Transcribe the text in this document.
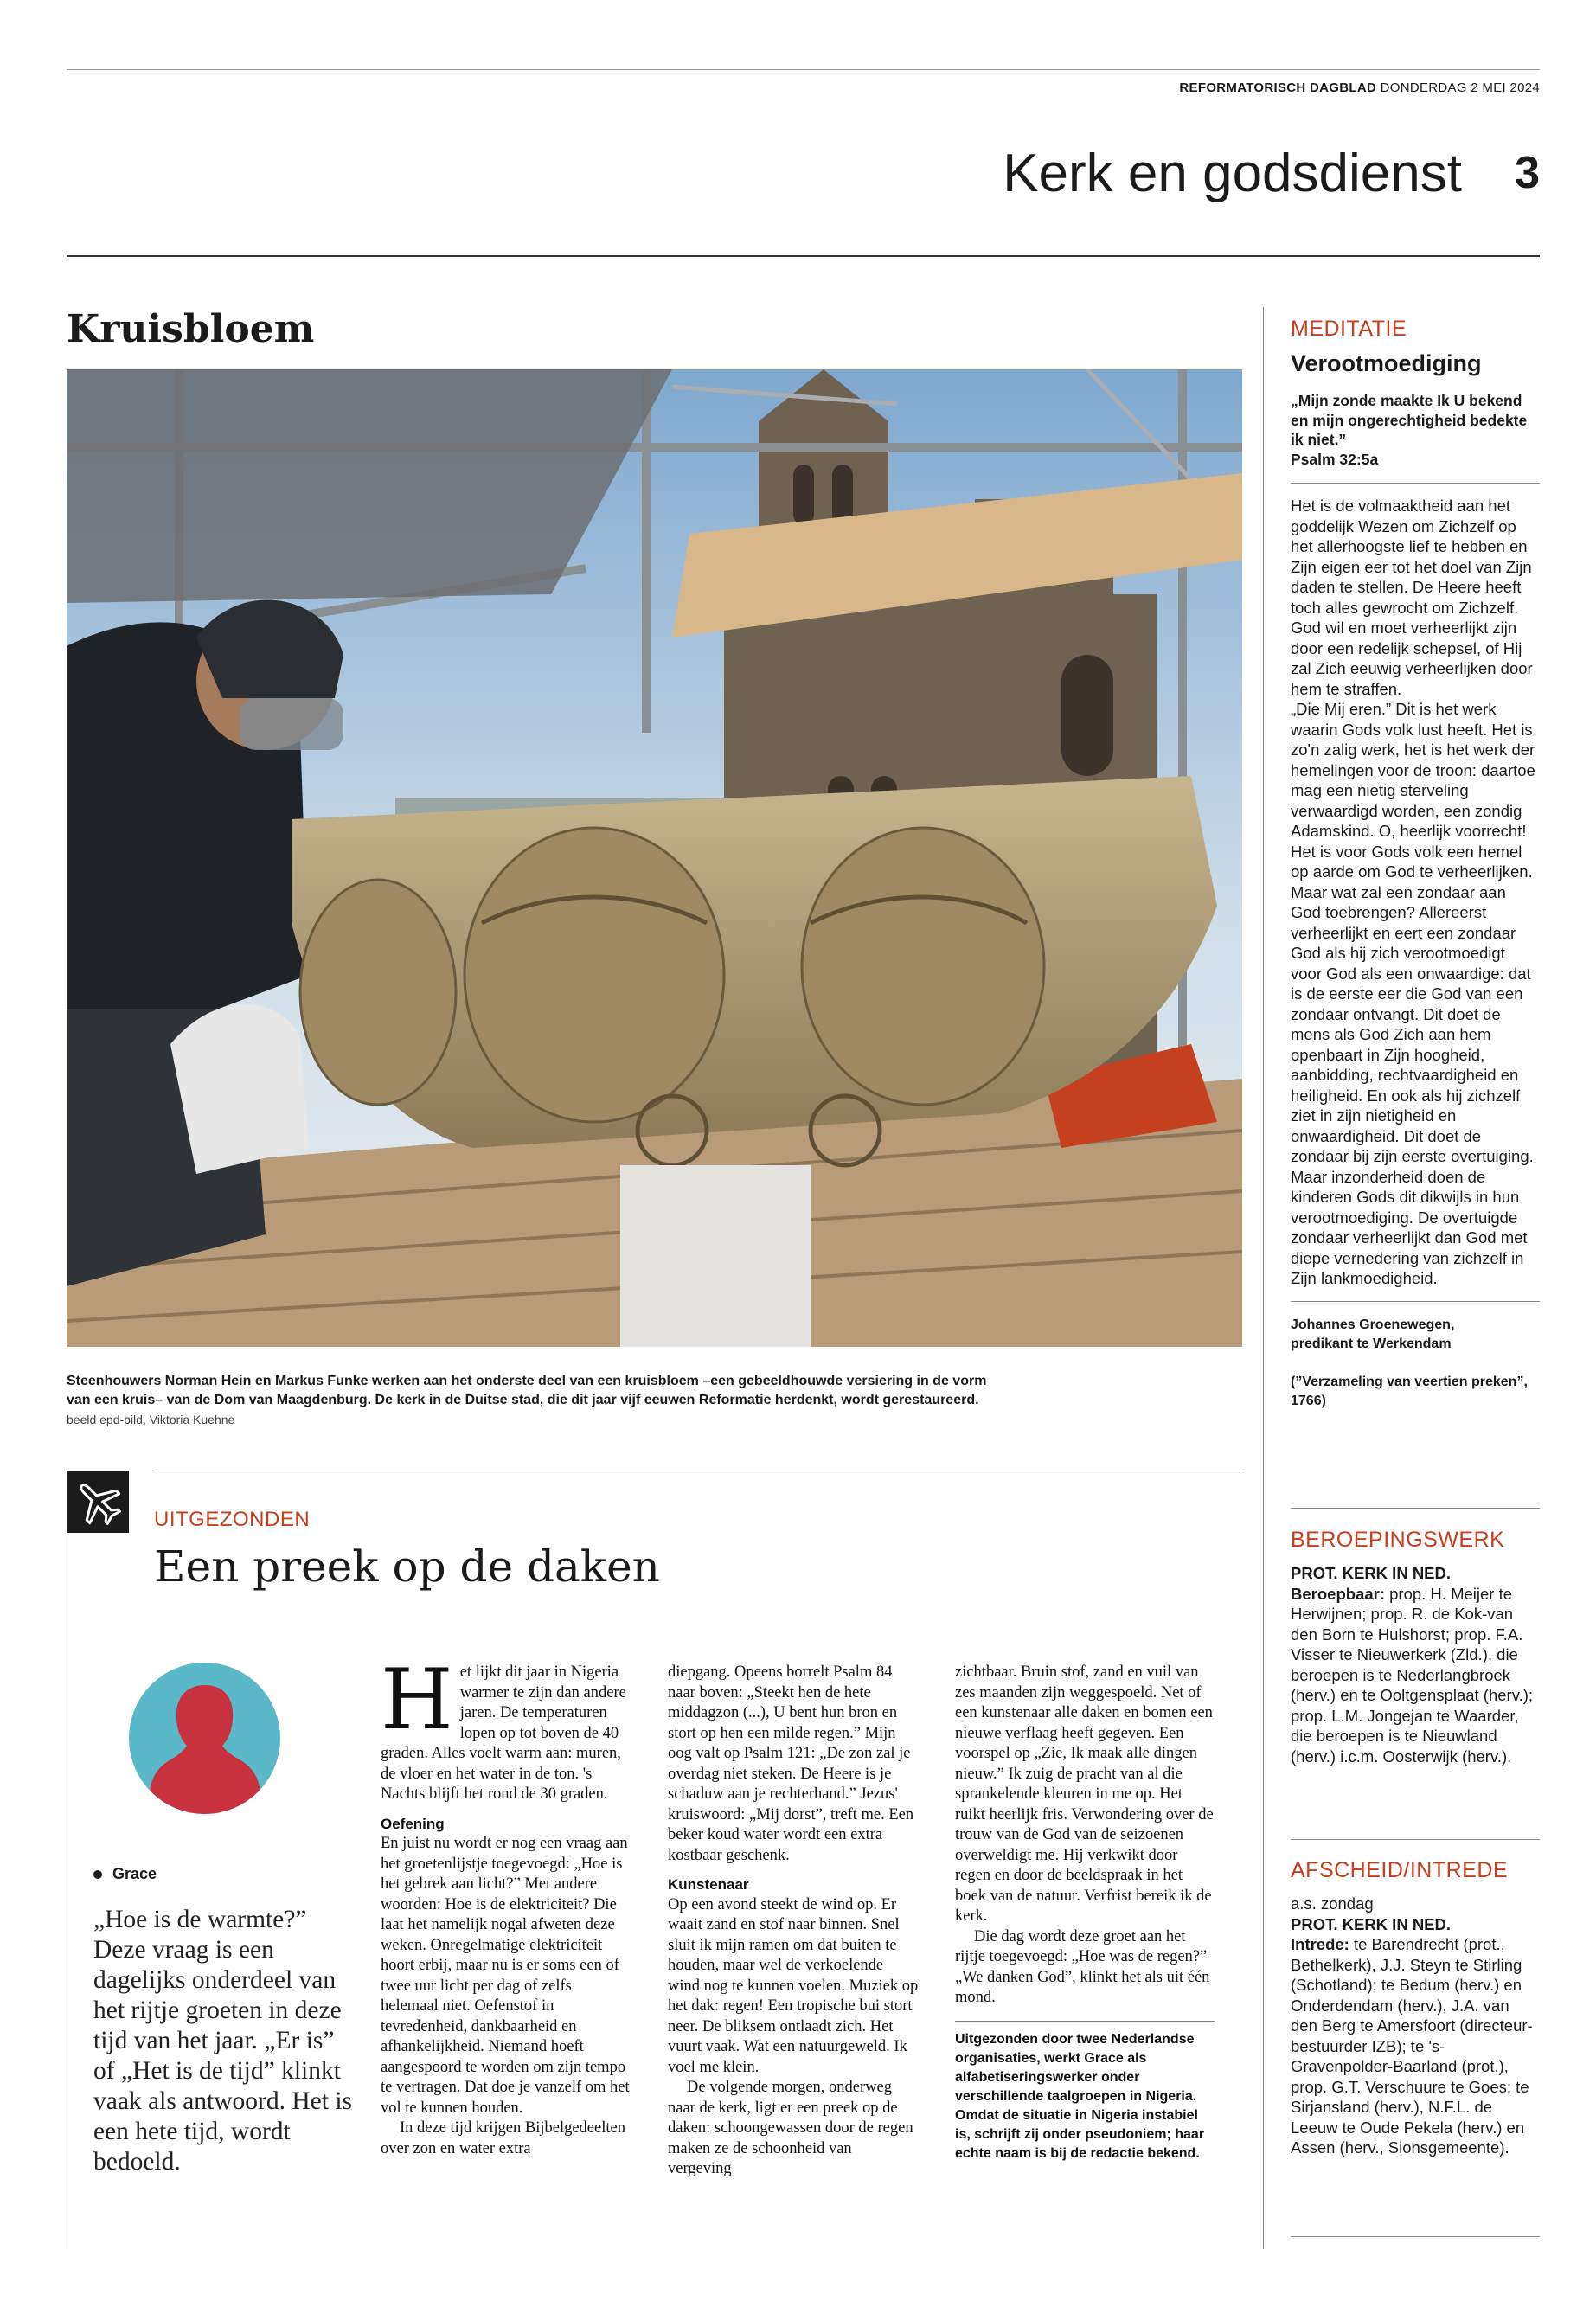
REFORMATORISCH DAGBLAD DONDERDAG 2 MEI 2024
Kerk en godsdienst 3
Kruisbloem
Steenhouwers Norman Hein en Markus Funke werken aan het onderste deel van een kruisbloem –een gebeeldhouwde versiering in de vorm van een kruis– van de Dom van Maagdenburg. De kerk in de Duitse stad, die dit jaar vijf eeuwen Reformatie herdenkt, wordt gerestaureerd. beeld epd-bild, Viktoria Kuehne
UITGEZONDEN
Een preek op de daken
Grace
„Hoe is de warmte?” Deze vraag is een dagelijks onderdeel van het rijtje groeten in deze tijd van het jaar. „Er is” of „Het is de tijd” klinkt vaak als antwoord. Het is een hete tijd, wordt bedoeld.
H et lijkt dit jaar in Nigeria warmer te zijn dan andere jaren. De temperaturen lopen op tot boven de 40 graden. Alles voelt warm aan: muren, de vloer en het water in de ton. 's Nachts blijft het rond de 30 graden.

Oefening

En juist nu wordt er nog een vraag aan het groetenlijstje toegevoegd: „Hoe is het gebrek aan licht?” Met andere woorden: Hoe is de elektriciteit? Die laat het namelijk nogal afweten deze weken. Onregelmatige elektriciteit hoort erbij, maar nu is er soms een of twee uur licht per dag of zelfs helemaal niet. Oefenstof in tevredenheid, dankbaarheid en afhankelijkheid. Niemand hoeft aangespoord te worden om zijn tempo te vertragen. Dat doe je vanzelf om het vol te kunnen houden.

In deze tijd krijgen Bijbelgedeelten over zon en water extra

diepgang. Opeens borrelt Psalm 84 naar boven: „Steekt hen de hete middagzon (...), U bent hun bron en stort op hen een milde regen.” Mijn oog valt op Psalm 121: „De zon zal je overdag niet steken. De Heere is je schaduw aan je rechterhand.” Jezus' kruiswoord: „Mij dorst”, treft me. Een beker koud water wordt een extra kostbaar geschenk.

Kunstenaar

Op een avond steekt de wind op. Er waait zand en stof naar binnen. Snel sluit ik mijn ramen om dat buiten te houden, maar wel de verkoelende wind nog te kunnen voelen. Muziek op het dak: regen! Een tropische bui stort neer. De bliksem ontlaadt zich. Het vuurt vaak. Wat een natuurgeweld. Ik voel me klein.

De volgende morgen, onderweg naar de kerk, ligt er een preek op de daken: schoongewassen door de regen maken ze de schoonheid van vergeving

zichtbaar. Bruin stof, zand en vuil van zes maanden zijn weggespoeld. Net of een kunstenaar alle daken en bomen een nieuwe verflaag heeft gegeven. Een voorspel op „Zie, Ik maak alle dingen nieuw.” Ik zuig de pracht van al die sprankelende kleuren in me op. Het ruikt heerlijk fris. Verwondering over de trouw van de God van de seizoenen overweldigt me. Hij verkwikt door regen en door de beeldspraak in het boek van de natuur. Verfrist bereik ik de kerk.

Die dag wordt deze groet aan het rijtje toegevoegd: „Hoe was de regen?” „We danken God”, klinkt het als uit één mond.

Uitgezonden door twee Nederlandse organisaties, werkt Grace als alfabetiseringswerker onder verschillende taalgroepen in Nigeria. Omdat de situatie in Nigeria instabiel is, schrijft zij onder pseudoniem; haar echte naam is bij de redactie bekend.

MEDITATIE
Verootmoediging

„Mijn zonde maakte Ik U bekend en mijn ongerechtigheid bedekte ik niet.”

Psalm 32:5a

Het is de volmaaktheid aan het goddelijk Wezen om Zichzelf op het allerhoogste lief te hebben en Zijn eigen eer tot het doel van Zijn daden te stellen. De Heere heeft toch alles gewrocht om Zichzelf. God wil en moet verheerlijkt zijn door een redelijk schepsel, of Hij zal Zich eeuwig verheerlijken door hem te straffen.

„Die Mij eren.” Dit is het werk waarin Gods volk lust heeft. Het is zo'n zalig werk, het is het werk der hemelingen voor de troon: daartoe mag een nietig sterveling verwaardigd worden, een zondig Adamskind. O, heerlijk voorrecht! Het is voor Gods volk een hemel op aarde om God te verheerlijken.

Maar wat zal een zondaar aan God toebrengen? Allereerst verheerlijkt en eert een zondaar God als hij zich verootmoedigt voor God als een onwaardige: dat is de eerste eer die God van een zondaar ontvangt. Dit doet de mens als God Zich aan hem openbaart in Zijn hoogheid, aanbidding, rechtvaardigheid en heiligheid. En ook als hij zichzelf ziet in zijn nietigheid en onwaardigheid. Dit doet de zondaar bij zijn eerste overtuiging. Maar inzonderheid doen de kinderen Gods dit dikwijls in hun verootmoediging. De overtuigde zondaar verheerlijkt dan God met diepe vernedering van zichzelf in Zijn lankmoedigheid.

Johannes Groenewegen,

predikant te Werkendam

(”Verzameling van veertien preken”, 1766)

BEROEPINGSWERK

PROT. KERK IN NED.

Beroepbaar: prop. H. Meijer te Herwijnen; prop. R. de Kok-van den Born te Hulshorst; prop. F.A. Visser te Nieuwerkerk (Zld.), die beroepen is te Nederlangbroek (herv.) en te Ooltgensplaat (herv.); prop. L.M. Jongejan te Waarder, die beroepen is te Nieuwland (herv.) i.c.m. Oosterwijk (herv.).

AFSCHEID/INTREDE

a.s. zondag

PROT. KERK IN NED.

Intrede: te Barendrecht (prot., Bethelkerk), J.J. Steyn te Stirling (Schotland); te Bedum (herv.) en Onderdendam (herv.), J.A. van den Berg te Amersfoort (directeur-bestuurder IZB); te 's-Gravenpolder-Baarland (prot.), prop. G.T. Verschuure te Goes; te Sirjansland (herv.), N.F.L. de Leeuw te Oude Pekela (herv.) en Assen (herv., Sionsgemeente).
